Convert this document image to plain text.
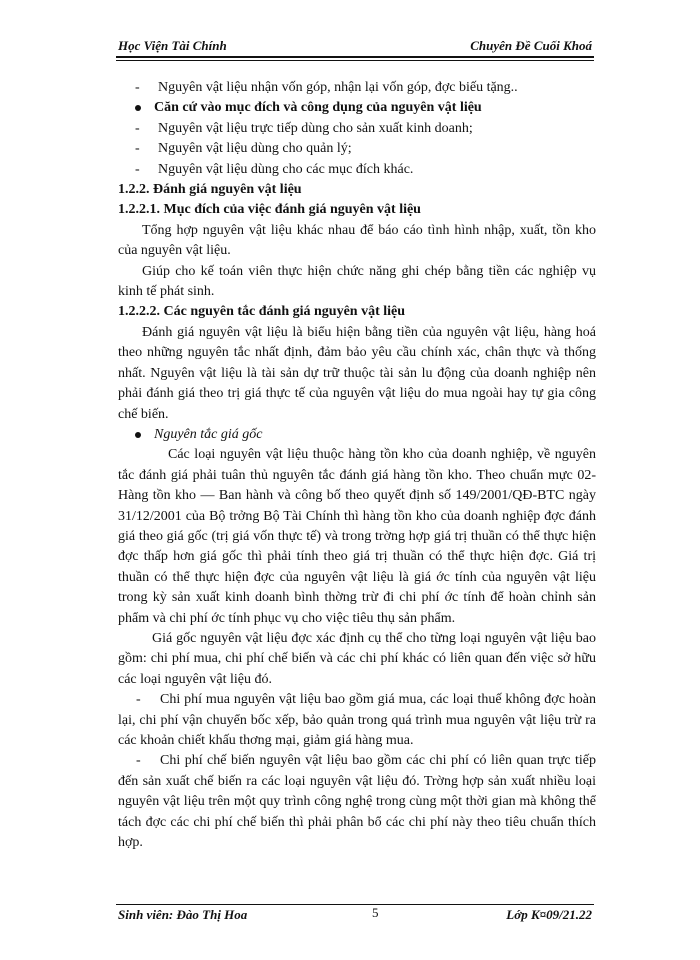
Học Viện Tài Chính	Chuyên Đề Cuối Khoá
- Nguyên vật liệu nhận vốn góp, nhận lại vốn góp, đợc biếu tặng..
Căn cứ vào mục đích và công dụng của nguyên vật liệu
- Nguyên vật liệu trực tiếp dùng cho sản xuất kinh doanh;
- Nguyên vật liệu dùng cho quản lý;
- Nguyên vật liệu dùng cho các mục đích khác.

1.2.2. Đánh giá nguyên vật liệu

1.2.2.1. Mục đích của việc đánh giá nguyên vật liệu

Tổng hợp nguyên vật liệu khác nhau để báo cáo tình hình nhập, xuất, tồn kho của nguyên vật liệu.

Giúp cho kế toán viên thực hiện chức năng ghi chép bằng tiền các nghiệp vụ kinh tế phát sinh.

1.2.2.2. Các nguyên tắc đánh giá nguyên vật liệu

Đánh giá nguyên vật liệu là biểu hiện bằng tiền của nguyên vật liệu, hàng hoá theo những nguyên tắc nhất định, đảm bảo yêu cầu chính xác, chân thực và thống nhất. Nguyên vật liệu là tài sản dự trữ thuộc tài sản lu động của doanh nghiệp nên phải đánh giá theo trị giá thực tế của nguyên vật liệu do mua ngoài hay tự gia công chế biến.

Nguyên tắc giá gốc

Các loại nguyên vật liệu thuộc hàng tồn kho của doanh nghiệp, về nguyên tắc đánh giá phải tuân thủ nguyên tắc đánh giá hàng tồn kho. Theo chuẩn mực 02- Hàng tồn kho — Ban hành và công bố theo quyết định số 149/2001/QĐ-BTC ngày 31/12/2001 của Bộ trởng Bộ Tài Chính thì hàng tồn kho của doanh nghiệp đợc đánh giá theo giá gốc (trị giá vốn thực tế) và trong trờng hợp giá trị thuần có thể thực hiện đợc thấp hơn giá gốc thì phải tính theo giá trị thuần có thể thực hiện đợc. Giá trị thuần có thể thực hiện đợc của nguyên vật liệu là giá ớc tính của nguyên vật liệu trong kỳ sản xuất kinh doanh bình thờng trừ đi chi phí ớc tính để hoàn chỉnh sản phẩm và chi phí ớc tính phục vụ cho việc tiêu thụ sản phẩm.

Giá gốc nguyên vật liệu đợc xác định cụ thể cho từng loại nguyên vật liệu bao gồm: chi phí mua, chi phí chế biến và các chi phí khác có liên quan đến việc sở hữu các loại nguyên vật liệu đó.

- Chi phí mua nguyên vật liệu bao gồm giá mua, các loại thuế không đợc hoàn lại, chi phí vận chuyển bốc xếp, bảo quản trong quá trình mua nguyên vật liệu trừ ra các khoản chiết khấu thơng mại, giảm giá hàng mua.

- Chi phí chế biến nguyên vật liệu bao gồm các chi phí có liên quan trực tiếp đến sản xuất chế biến ra các loại nguyên vật liệu đó. Trờng hợp sản xuất nhiều loại nguyên vật liệu trên một quy trình công nghệ trong cùng một thời gian mà không thể tách đợc các chi phí chế biến thì phải phân bổ các chi phí này theo tiêu chuẩn thích hợp.

Sinh viên: Đào Thị Hoa	5	Lớp K¤09/21.22
